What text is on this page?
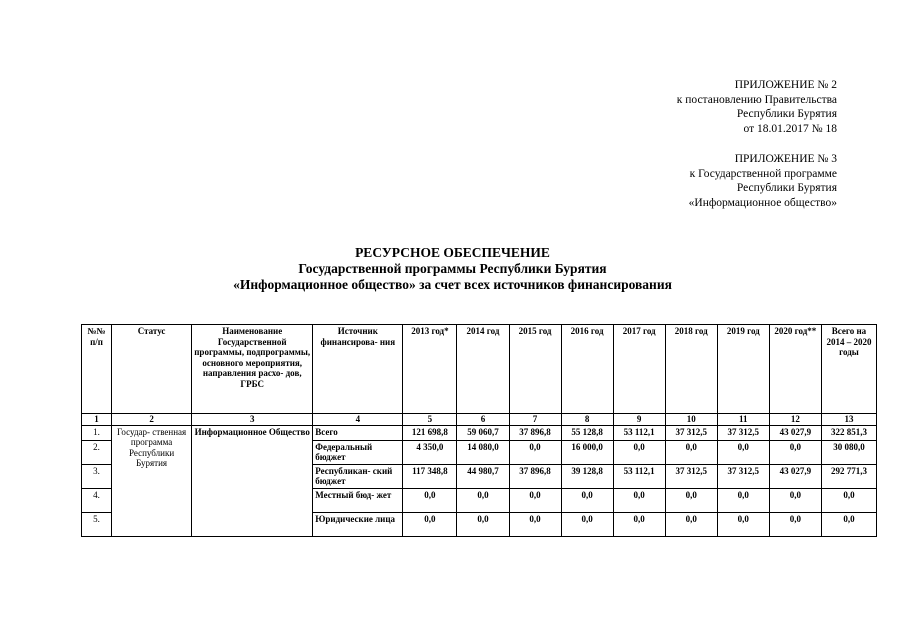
ПРИЛОЖЕНИЕ № 2
к постановлению Правительства
Республики Бурятия
от 18.01.2017 № 18
ПРИЛОЖЕНИЕ № 3
к Государственной программе
Республики Бурятия
«Информационное общество»
РЕСУРСНОЕ ОБЕСПЕЧЕНИЕ
Государственной программы Республики Бурятия
«Информационное общество» за счет всех источников финансирования
№№ п/п	Статус	Наименование Государственной программы, подпрограммы, основного мероприятия, направления расхо- дов, ГРБС	Источник финансирова- ния	2013 год*	2014 год	2015 год	2016 год	2017 год	2018 год	2019 год	2020 год**	Всего на 2014 – 2020 годы
1	2	3	4	5	6	7	8	9	10	11	12	13
1.	Государ- ственная программа Республики Бурятия	Информационное Общество	Всего	121 698,8	59 060,7	37 896,8	55 128,8	53 112,1	37 312,5	37 312,5	43 027,9	322 851,3
2.			Федеральный бюджет	4 350,0	14 080,0	0,0	16 000,0	0,0	0,0	0,0	0,0	30 080,0
3.			Республикан- ский бюджет	117 348,8	44 980,7	37 896,8	39 128,8	53 112,1	37 312,5	37 312,5	43 027,9	292 771,3
4.			Местный бюд- жет	0,0	0,0	0,0	0,0	0,0	0,0	0,0	0,0	0,0
5.			Юридические лица	0,0	0,0	0,0	0,0	0,0	0,0	0,0	0,0	0,0
